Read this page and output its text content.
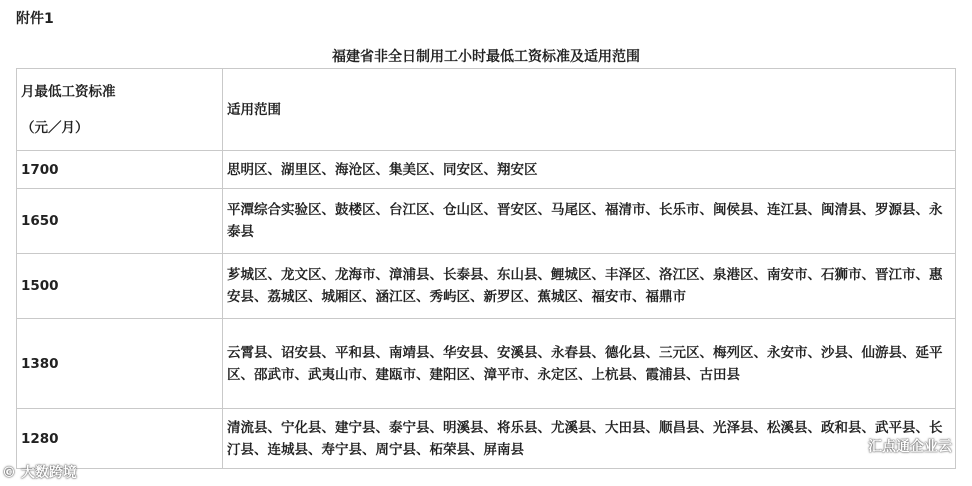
附件1
福建省非全日制用工小时最低工资标准及适用范围
月最低工资标准
（元／月）	适用范围
1700	思明区、湖里区、海沧区、集美区、同安区、翔安区
1650	平潭综合实验区、鼓楼区、台江区、仓山区、晋安区、马尾区、福清市、长乐市、闽侯县、连江县、闽清县、罗源县、永泰县
1500	芗城区、龙文区、龙海市、漳浦县、长泰县、东山县、鲤城区、丰泽区、洛江区、泉港区、南安市、石狮市、晋江市、惠安县、荔城区、城厢区、涵江区、秀屿区、新罗区、蕉城区、福安市、福鼎市
1380	云霄县、诏安县、平和县、南靖县、华安县、安溪县、永春县、德化县、三元区、梅列区、永安市、沙县、仙游县、延平区、邵武市、武夷山市、建瓯市、建阳区、漳平市、永定区、上杭县、霞浦县、古田县
1280	清流县、宁化县、建宁县、泰宁县、明溪县、将乐县、尤溪县、大田县、顺昌县、光泽县、松溪县、政和县、武平县、长汀县、连城县、寿宁县、周宁县、柘荣县、屏南县
© 大数跨境
汇点通企业云
